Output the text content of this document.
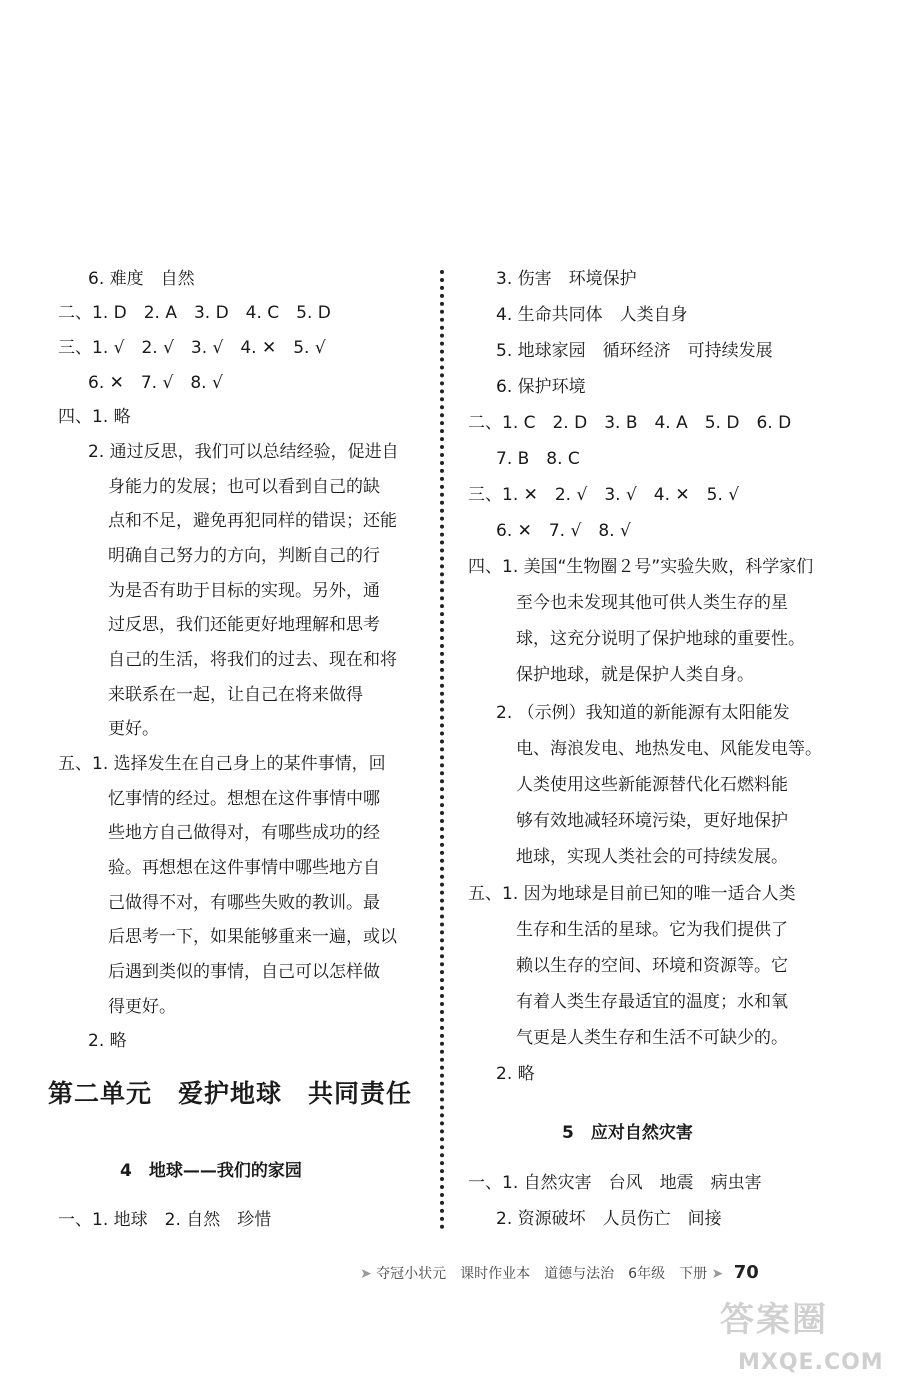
6. 难度　自然
二、1. D　2. A　3. D　4. C　5. D
三、1. √　2. √　3. √　4. ✕　5. √
6. ✕　7. √　8. √
四、1. 略
2. 通过反思，我们可以总结经验，促进自
身能力的发展；也可以看到自己的缺
点和不足，避免再犯同样的错误；还能
明确自己努力的方向，判断自己的行
为是否有助于目标的实现。另外，通
过反思，我们还能更好地理解和思考
自己的生活，将我们的过去、现在和将
来联系在一起，让自己在将来做得
更好。
五、1. 选择发生在自己身上的某件事情，回
忆事情的经过。想想在这件事情中哪
些地方自己做得对，有哪些成功的经
验。再想想在这件事情中哪些地方自
己做得不对，有哪些失败的教训。最
后思考一下，如果能够重来一遍，或以
后遇到类似的事情，自己可以怎样做
得更好。
2. 略
第二单元　爱护地球　共同责任
4　地球——我们的家园
一、1. 地球　2. 自然　珍惜
3. 伤害　环境保护
4. 生命共同体　人类自身
5. 地球家园　循环经济　可持续发展
6. 保护环境
二、1. C　2. D　3. B　4. A　5. D　6. D
7. B　8. C
三、1. ✕　2. √　3. √　4. ✕　5. √
6. ✕　7. √　8. √
四、1. 美国“生物圈２号”实验失败，科学家们
至今也未发现其他可供人类生存的星
球，这充分说明了保护地球的重要性。
保护地球，就是保护人类自身。
2. （示例）我知道的新能源有太阳能发
电、海浪发电、地热发电、风能发电等。
人类使用这些新能源替代化石燃料能
够有效地减轻环境污染，更好地保护
地球，实现人类社会的可持续发展。
五、1. 因为地球是目前已知的唯一适合人类
生存和生活的星球。它为我们提供了
赖以生存的空间、环境和资源等。它
有着人类生存最适宜的温度；水和氧
气更是人类生存和生活不可缺少的。
2. 略
5　应对自然灾害
一、1. 自然灾害　台风　地震　病虫害
2. 资源破坏　人员伤亡　间接
➤ 夺冠小状元　课时作业本　道德与法治　6年级　下册 ➤ 70
答案圈
MXQE.COM
